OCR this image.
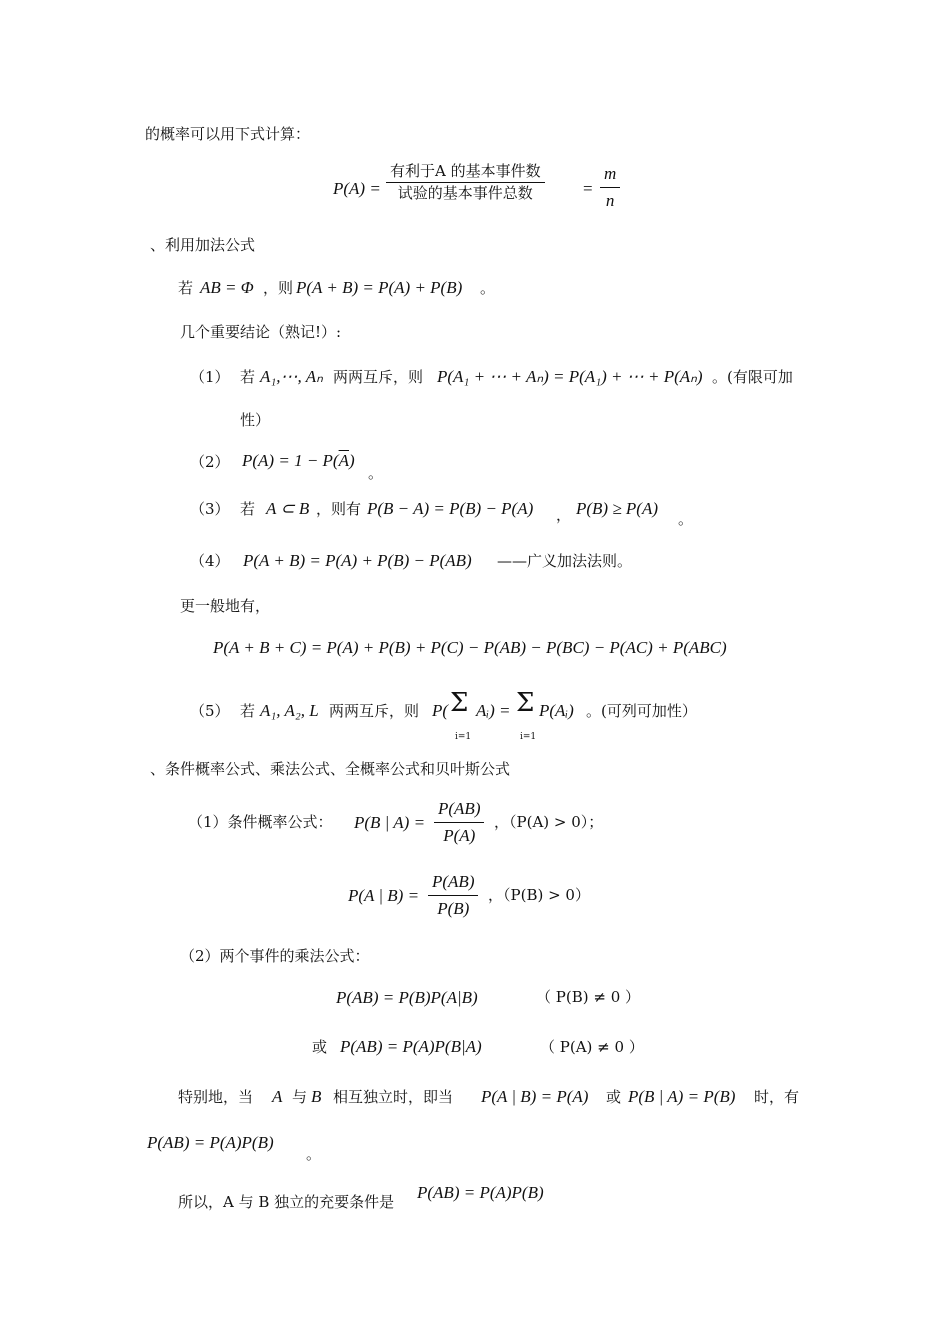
的概率可以用下式计算：
P(A) =
有利于A 的基本事件数
试验的基本事件总数	= $\frac{m}{n}$
、利用加法公式
若 AB = Φ ，则 P(A + B) = P(A) + P(B) 。
几个重要结论（熟记!）:
（1） 若 A₁,⋯, Aₙ 两两互斥，则 P(A₁ + ⋯ + Aₙ) = P(A₁) + ⋯ + P(Aₙ) 。(有限可加
性）
（2） $P(A) = 1 - P(\overline{A})$
。
（3） 若 A ⊂ B ，则有 P(B − A) = P(B) − P(A) ， P(B) ≥ P(A)
。
（4） P(A + B) = P(A) + P(B) − P(AB) ——广义加法法则。
更一般地有，
P(A + B + C) = P(A) + P(B) + P(C) − P(AB) − P(BC) − P(AC) + P(ABC)
（5） 若 A₁, A₂, L 两两互斥，则 P( Σ
i=1
Aᵢ) = Σ
i=1
P(Aᵢ) 。(可列可加性）
、条件概率公式、乘法公式、全概率公式和贝叶斯公式
（1）条件概率公式： P(B | $A) = \frac{P(AB)}{P(A)}$ ，（P(A) > 0）；
P(A | $B) = \frac{P(AB)}{P(B)}$ ，（P(B) > 0）
（2）两个事件的乘法公式：
P(AB) = P(B)P(A|B)	（ P(B) ≠ 0 ）
或 P(AB) = P(A)P(B|A)	（ P(A) ≠ 0 ）
特别地，当 A 与 B 相互独立时，即当 P(A | B) = P(A) 或 P(B | A) = P(B) 时，有
P(AB) = P(A)P(B)
。
所以，A 与 B 独立的充要条件是 P(AB) = P(A)P(B)
